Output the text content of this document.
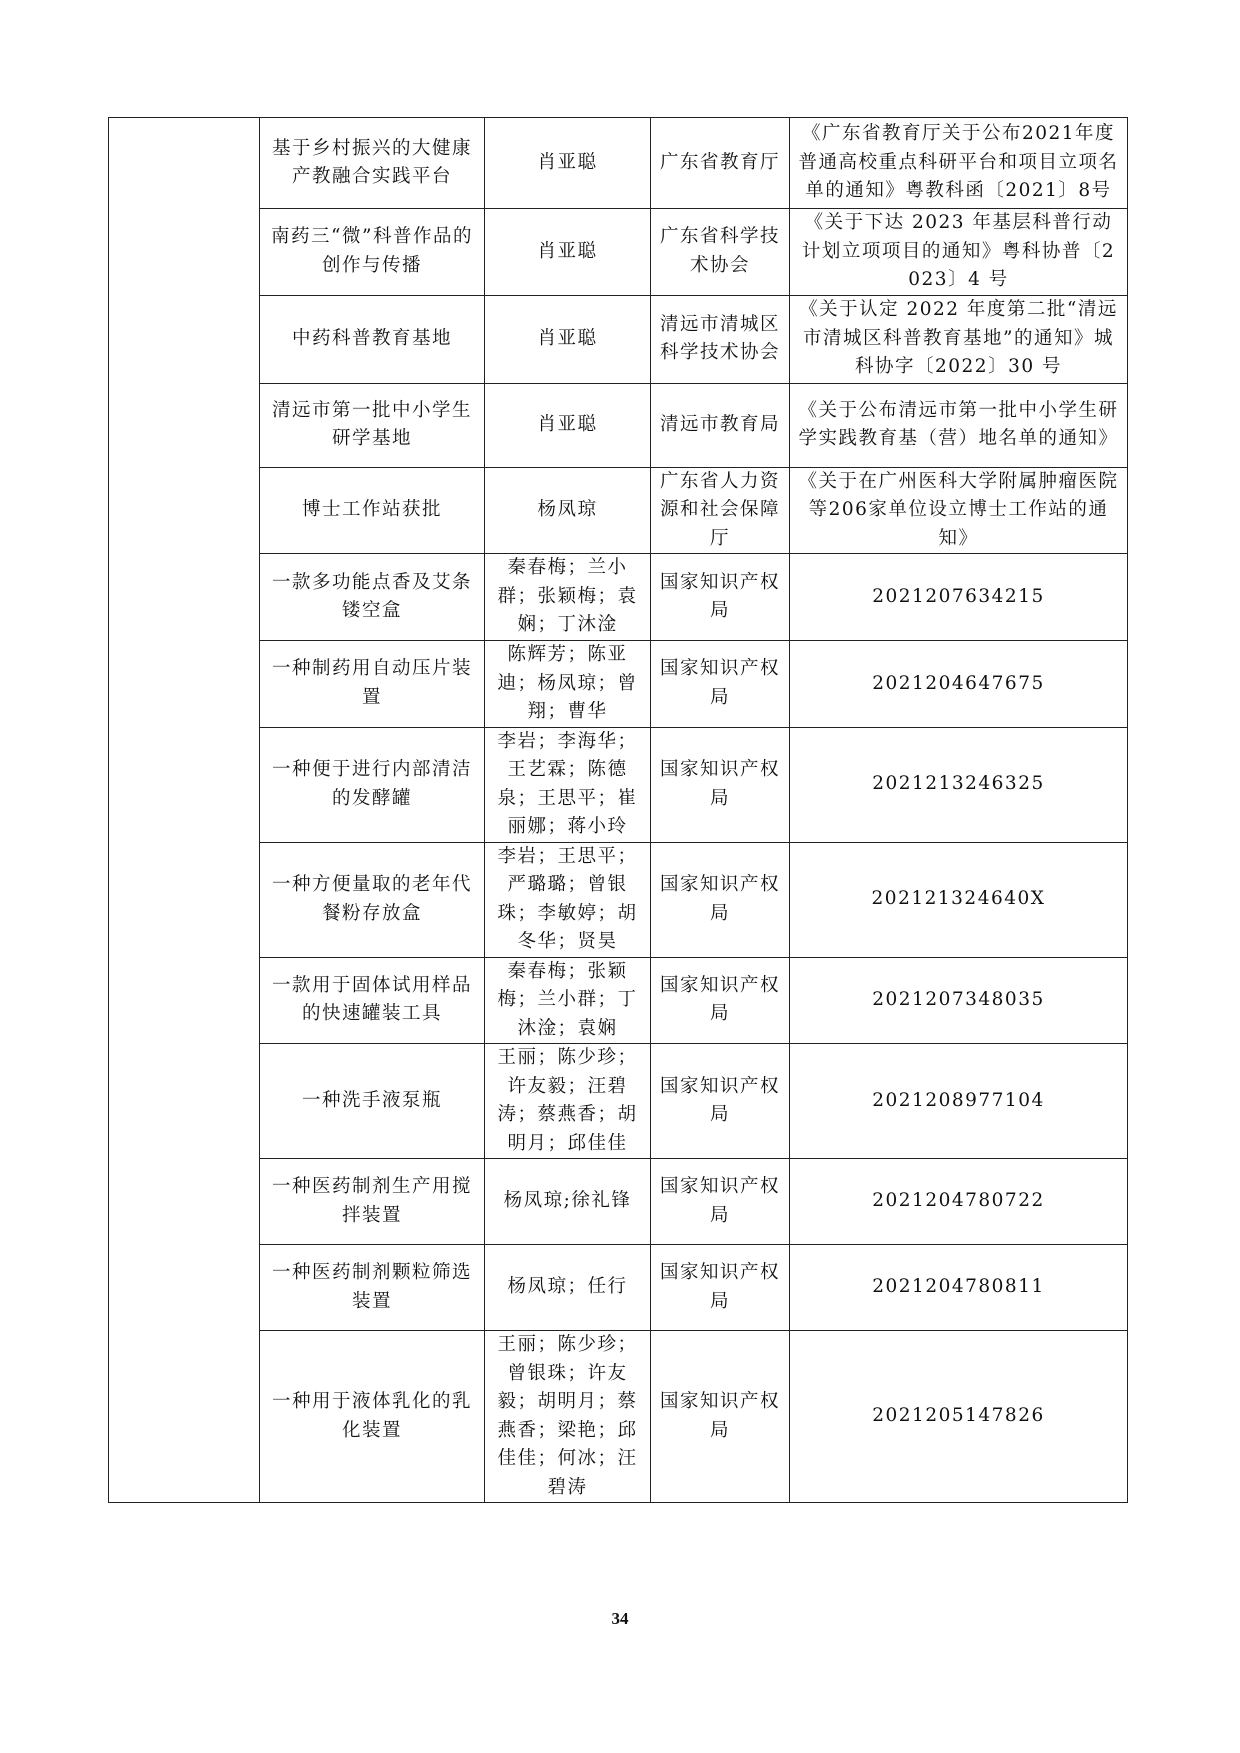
	基于乡村振兴的大健康产教融合实践平台	肖亚聪	广东省教育厅	《广东省教育厅关于公布2021年度普通高校重点科研平台和项目立项名单的通知》粤教科函〔2021〕8号
	南药三“微”科普作品的创作与传播	肖亚聪	广东省科学技术协会	《关于下达 2023 年基层科普行动计划立项项目的通知》粤科协普〔2023〕4 号
	中药科普教育基地	肖亚聪	清远市清城区科学技术协会	《关于认定 2022 年度第二批“清远市清城区科普教育基地”的通知》城科协字〔2022〕30 号
	清远市第一批中小学生研学基地	肖亚聪	清远市教育局	《关于公布清远市第一批中小学生研学实践教育基（营）地名单的通知》
	博士工作站获批	杨凤琼	广东省人力资源和社会保障厅	《关于在广州医科大学附属肿瘤医院等206家单位设立博士工作站的通知》
	一款多功能点香及艾条镂空盒	秦春梅；兰小群；张颖梅；袁娴；丁沐淦	国家知识产权局	2021207634215
	一种制药用自动压片装置	陈辉芳；陈亚迪；杨凤琼；曾翔；曹华	国家知识产权局	2021204647675
	一种便于进行内部清洁的发酵罐	李岩；李海华；王艺霖；陈德泉；王思平；崔丽娜；蒋小玲	国家知识产权局	2021213246325
	一种方便量取的老年代餐粉存放盒	李岩；王思平；严璐璐；曾银珠；李敏婷；胡冬华；贤昊	国家知识产权局	202121324640X
	一款用于固体试用样品的快速罐装工具	秦春梅；张颖梅；兰小群；丁沐淦；袁娴	国家知识产权局	2021207348035
	一种洗手液泵瓶	王丽；陈少珍；许友毅；汪碧涛；蔡燕香；胡明月；邱佳佳	国家知识产权局	2021208977104
	一种医药制剂生产用搅拌装置	杨凤琼;徐礼锋	国家知识产权局	2021204780722
	一种医药制剂颗粒筛选装置	杨凤琼；任行	国家知识产权局	2021204780811
	一种用于液体乳化的乳化装置	王丽；陈少珍；曾银珠；许友毅；胡明月；蔡燕香；梁艳；邱佳佳；何冰；汪碧涛	国家知识产权局	2021205147826
34
